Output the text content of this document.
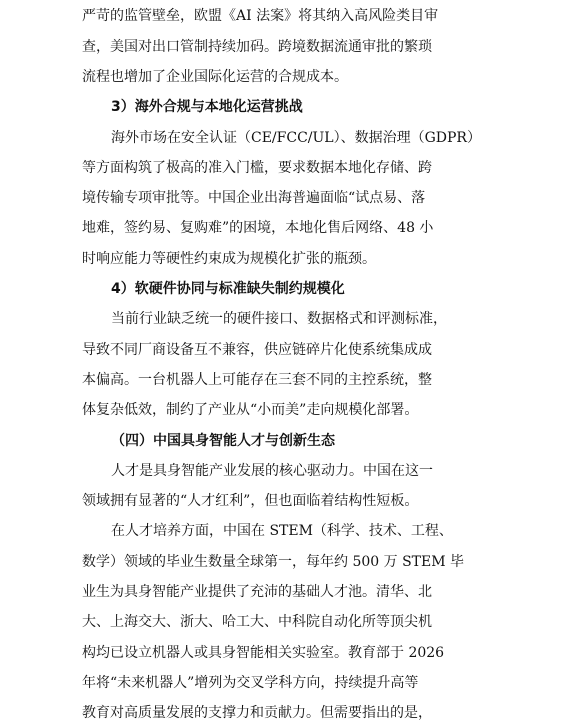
严苛的监管壁垒，欧盟《AI 法案》将其纳入高风险类目审
查，美国对出口管制持续加码。跨境数据流通审批的繁琐
流程也增加了企业国际化运营的合规成本。
3）海外合规与本地化运营挑战
海外市场在安全认证（CE/FCC/UL）、数据治理（GDPR）
等方面构筑了极高的准入门槛，要求数据本地化存储、跨
境传输专项审批等。中国企业出海普遍面临“试点易、落
地难，签约易、复购难”的困境，本地化售后网络、48 小
时响应能力等硬性约束成为规模化扩张的瓶颈。
4）软硬件协同与标准缺失制约规模化
当前行业缺乏统一的硬件接口、数据格式和评测标准，
导致不同厂商设备互不兼容，供应链碎片化使系统集成成
本偏高。一台机器人上可能存在三套不同的主控系统，整
体复杂低效，制约了产业从“小而美”走向规模化部署。
（四）中国具身智能人才与创新生态
人才是具身智能产业发展的核心驱动力。中国在这一
领域拥有显著的“人才红利”，但也面临着结构性短板。
在人才培养方面，中国在 STEM（科学、技术、工程、
数学）领域的毕业生数量全球第一，每年约 500 万 STEM 毕
业生为具身智能产业提供了充沛的基础人才池。清华、北
大、上海交大、浙大、哈工大、中科院自动化所等顶尖机
构均已设立机器人或具身智能相关实验室。教育部于 2026
年将“未来机器人”增列为交叉学科方向，持续提升高等
教育对高质量发展的支撑力和贡献力。但需要指出的是，
